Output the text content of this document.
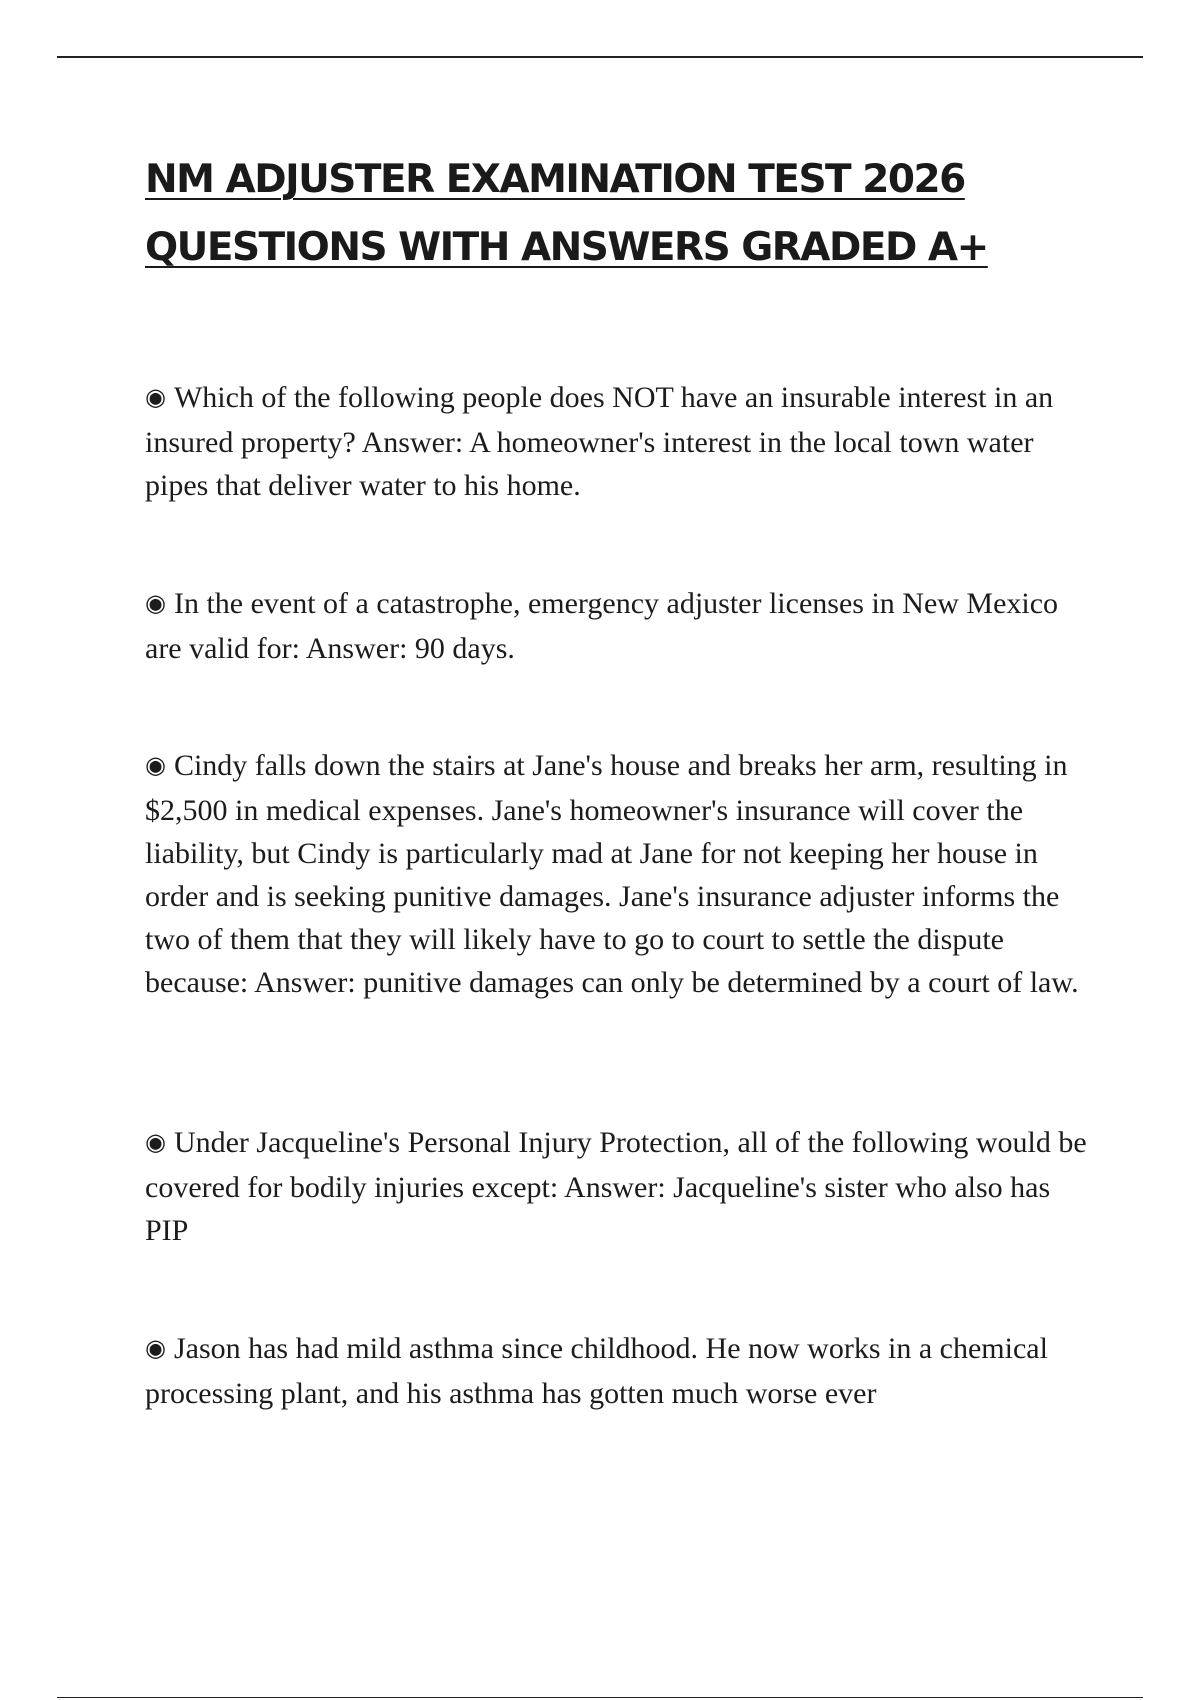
NM ADJUSTER EXAMINATION TEST 2026
QUESTIONS WITH ANSWERS GRADED A+

◉ Which of the following people does NOT have an insurable interest in an insured property? Answer: A homeowner's interest in the local town water pipes that deliver water to his home.

◉ In the event of a catastrophe, emergency adjuster licenses in New Mexico are valid for: Answer: 90 days.

◉ Cindy falls down the stairs at Jane's house and breaks her arm, resulting in $2,500 in medical expenses. Jane's homeowner's insurance will cover the liability, but Cindy is particularly mad at Jane for not keeping her house in order and is seeking punitive damages. Jane's insurance adjuster informs the two of them that they will likely have to go to court to settle the dispute because: Answer: punitive damages can only be determined by a court of law.

◉ Under Jacqueline's Personal Injury Protection, all of the following would be covered for bodily injuries except: Answer: Jacqueline's sister who also has PIP

◉ Jason has had mild asthma since childhood. He now works in a chemical processing plant, and his asthma has gotten much worse ever
